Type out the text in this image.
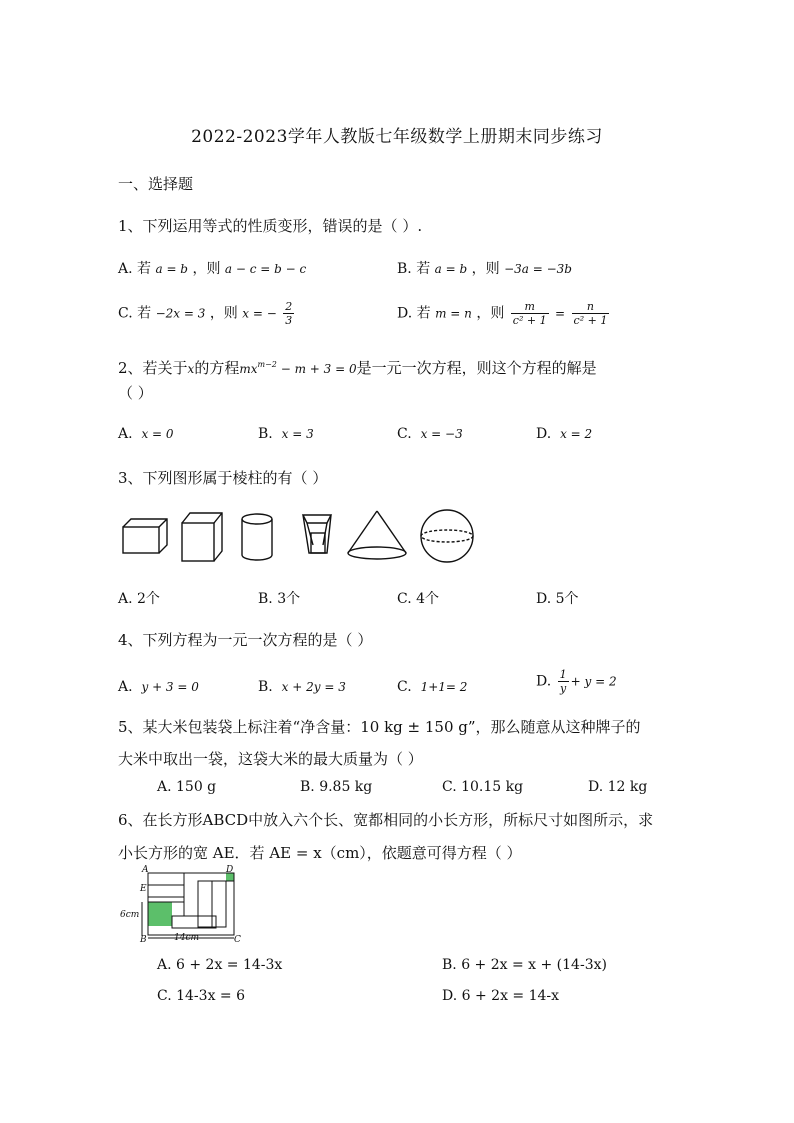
2022-2023学年人教版七年级数学上册期末同步练习
一、选择题
1、下列运用等式的性质变形，错误的是（ ）.
A. 若 a = b ，则 a − c = b − c	B. 若 a = b ，则 −3a = −3b
C. 若 −2x = 3 ，则 x = − $\frac{2}{3}$	D. 若 m = n ，则 $\frac{m}{\text{c² + 1}} = \frac{n}{\text{c² + 1}}$
2、若关于x的方程$mx^{m-2} - m + 3 = 0$是一元一次方程，则这个方程的解是
（ ）
A. x = 0	B. x = 3	C. x = −3	D. x = 2
3、下列图形属于棱柱的有（ ）
A. 2个	B. 3个	C. 4个	D. 5个
4、下列方程为一元一次方程的是（ ）
A. y + 3 = 0	B. x + 2y = 3	C. 1+1= 2	D. $\frac{1}{y} + y = 2$
5、某大米包装袋上标注着“净含量：10 kg ± 150 g”，那么随意从这种牌子的
大米中取出一袋，这袋大米的最大质量为（ ）
A. 150 g	B. 9.85 kg	C. 10.15 kg	D. 12 kg
6、在长方形ABCD中放入六个长、宽都相同的小长方形，所标尺寸如图所示，求
小长方形的宽 AE．若 AE = x（cm），依题意可得方程（ ）
A	D
E
6cm
B	C
14cm
A. 6 + 2x = 14-3x	B. 6 + 2x = x + (14-3x)
C. 14-3x = 6	D. 6 + 2x = 14-x
